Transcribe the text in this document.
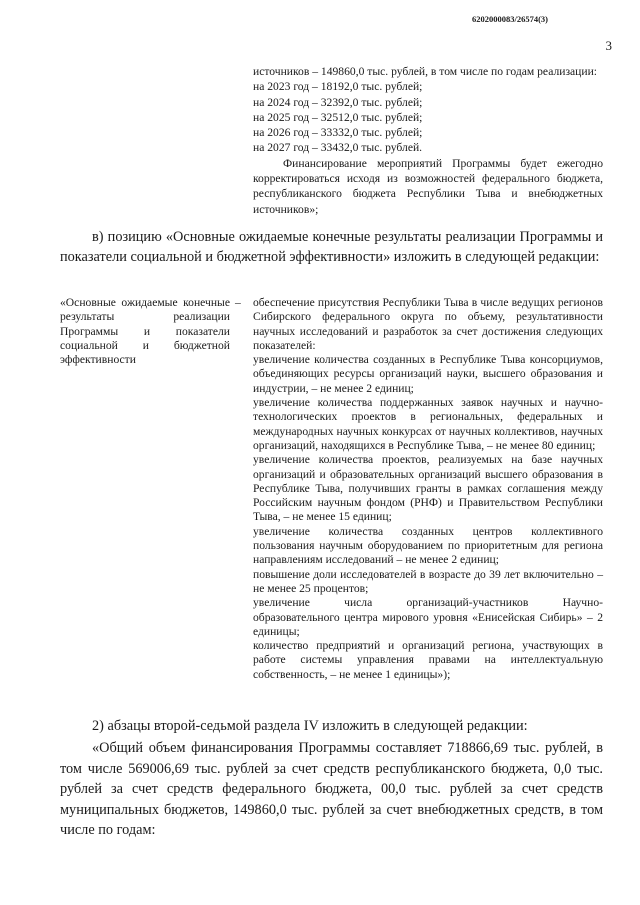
6202000083/26574(3)
3

источников – 149860,0 тыс. рублей, в том числе по годам реализации:

на 2023 год – 18192,0 тыс. рублей;

на 2024 год – 32392,0 тыс. рублей;

на 2025 год – 32512,0 тыс. рублей;

на 2026 год – 33332,0 тыс. рублей;

на 2027 год – 33432,0 тыс. рублей.

Финансирование мероприятий Программы будет ежегодно корректироваться исходя из возможностей федерального бюджета, республиканского бюджета Республики Тыва и внебюджетных источников»;

в) позицию «Основные ожидаемые конечные результаты реализации Программы и показатели социальной и бюджетной эффективности» изложить в следующей редакции:

«Основные ожидаемые конечные результаты реализации Программы и показатели социальной и бюджетной эффективности
– обеспечение присутствия Республики Тыва в числе ведущих регионов Сибирского федерального округа по объему, результативности научных исследований и разработок за счет достижения следующих показателей:

увеличение количества созданных в Республике Тыва консорциумов, объединяющих ресурсы организаций науки, высшего образования и индустрии, – не менее 2 единиц;

увеличение количества поддержанных заявок научных и научно-технологических проектов в региональных, федеральных и международных научных конкурсах от научных коллективов, научных организаций, находящихся в Республике Тыва, – не менее 80 единиц;

увеличение количества проектов, реализуемых на базе научных организаций и образовательных организаций высшего образования в Республике Тыва, получивших гранты в рамках соглашения между Российским научным фондом (РНФ) и Правительством Республики Тыва, – не менее 15 единиц;

увеличение количества созданных центров коллективного пользования научным оборудованием по приоритетным для региона направлениям исследований – не менее 2 единиц;

повышение доли исследователей в возрасте до 39 лет включительно – не менее 25 процентов;

увеличение	числа	организаций-участников	Научно-

образовательного центра мирового уровня «Енисейская Сибирь» – 2 единицы;

количество предприятий и организаций региона, участвующих в работе системы управления правами на интеллектуальную собственность, – не менее 1 единицы»);

2) абзацы второй-седьмой раздела IV изложить в следующей редакции:

«Общий объем финансирования Программы составляет 718866,69 тыс. рублей, в том числе 569006,69 тыс. рублей за счет средств республиканского бюджета, 0,0 тыс. рублей за счет средств федерального бюджета, 00,0 тыс. рублей за счет средств муниципальных бюджетов, 149860,0 тыс. рублей за счет внебюджетных средств, в том числе по годам:
